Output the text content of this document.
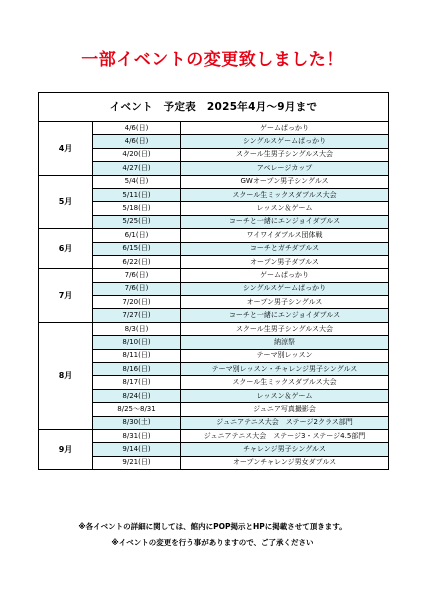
一部イベントの変更致しました！
イベント　予定表　2025年4月～9月まで		
4月	4/6(日)	ゲームぱっかり
	4/6(日)	シングルスゲームぱっかり
	4/20(日)	スクール生男子シングルス大会
	4/27(日)	アベレージカップ
5月	5/4(日)	GWオープン男子シングルス
	5/11(日)	スクール生ミックスダブルス大会
	5/18(日)	レッスン＆ゲーム
	5/25(日)	コーチと一緒にエンジョイダブルス
6月	6/1(日)	ワイワイダブルス団体戦
	6/15(日)	コーチとガチダブルス
	6/22(日)	オープン男子ダブルス
7月	7/6(日)	ゲームぱっかり
	7/6(日)	シングルスゲームぱっかり
	7/20(日)	オープン男子シングルス
	7/27(日)	コーチと一緒にエンジョイダブルス
8月	8/3(日)	スクール生男子シングルス大会
	8/10(日)	納涼祭
	8/11(日)	テーマ別レッスン
	8/16(日)	テーマ別レッスン・チャレンジ男子シングルス
	8/17(日)	スクール生ミックスダブルス大会
	8/24(日)	レッスン＆ゲーム
	8/25～8/31	ジュニア写真撮影会
	8/30(土)	ジュニアテニス大会　ステージ2クラス部門
9月	8/31(日)	ジュニアテニス大会　ステージ3・ステージ4.5部門
	9/14(日)	チャレンジ男子シングルス
	9/21(日)	オープンチャレンジ男女ダブルス
※各イベントの詳細に関しては、館内にPOP掲示とHPに掲載させて頂きます。
※イベントの変更を行う事がありますので、ご了承ください
